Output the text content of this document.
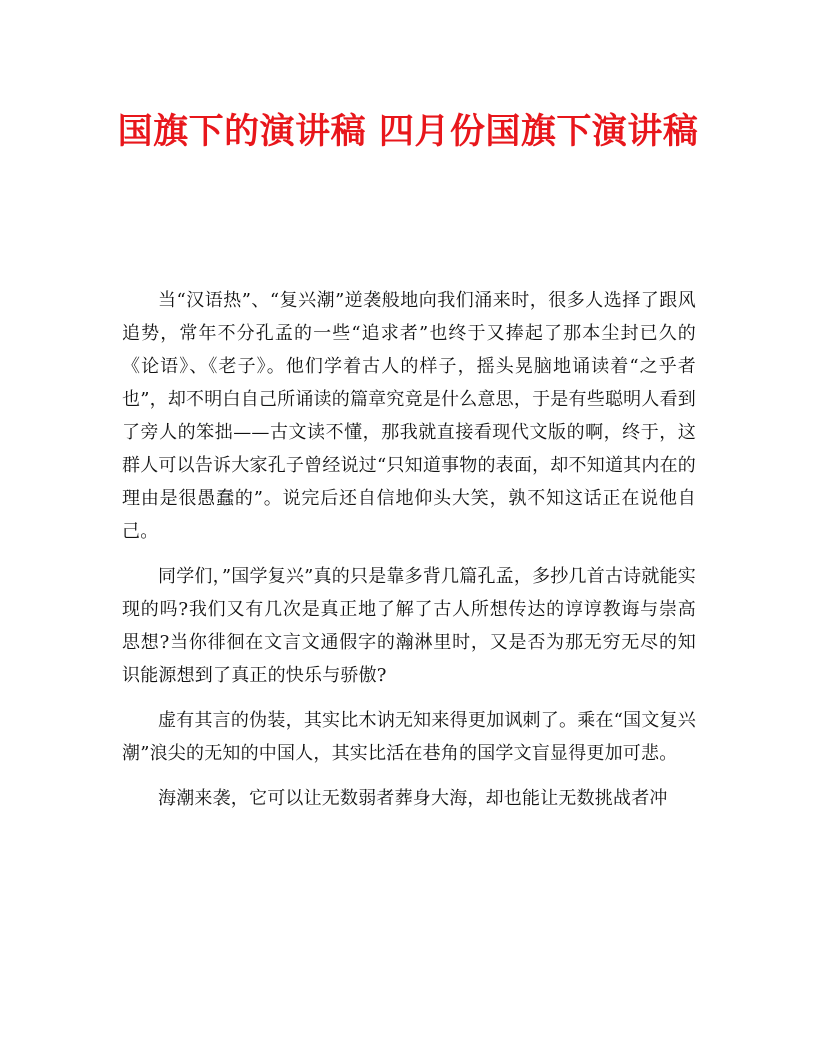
国旗下的演讲稿 四月份国旗下演讲稿

当“汉语热”、“复兴潮”逆袭般地向我们涌来时，很多人选择了跟风追势，常年不分孔孟的一些“追求者”也终于又捧起了那本尘封已久的《论语》、《老子》。他们学着古人的样子，摇头晃脑地诵读着“之乎者也”，却不明白自己所诵读的篇章究竟是什么意思，于是有些聪明人看到了旁人的笨拙——古文读不懂，那我就直接看现代文版的啊，终于，这群人可以告诉大家孔子曾经说过“只知道事物的表面，却不知道其内在的理由是很愚蠢的”。说完后还自信地仰头大笑，孰不知这话正在说他自己。

同学们，”国学复兴”真的只是靠多背几篇孔孟，多抄几首古诗就能实现的吗?我们又有几次是真正地了解了古人所想传达的谆谆教诲与崇高思想?当你徘徊在文言文通假字的瀚淋里时，又是否为那无穷无尽的知识能源想到了真正的快乐与骄傲?

虚有其言的伪装，其实比木讷无知来得更加讽刺了。乘在“国文复兴潮”浪尖的无知的中国人，其实比活在巷角的国学文盲显得更加可悲。

海潮来袭，它可以让无数弱者葬身大海，却也能让无数挑战者冲
